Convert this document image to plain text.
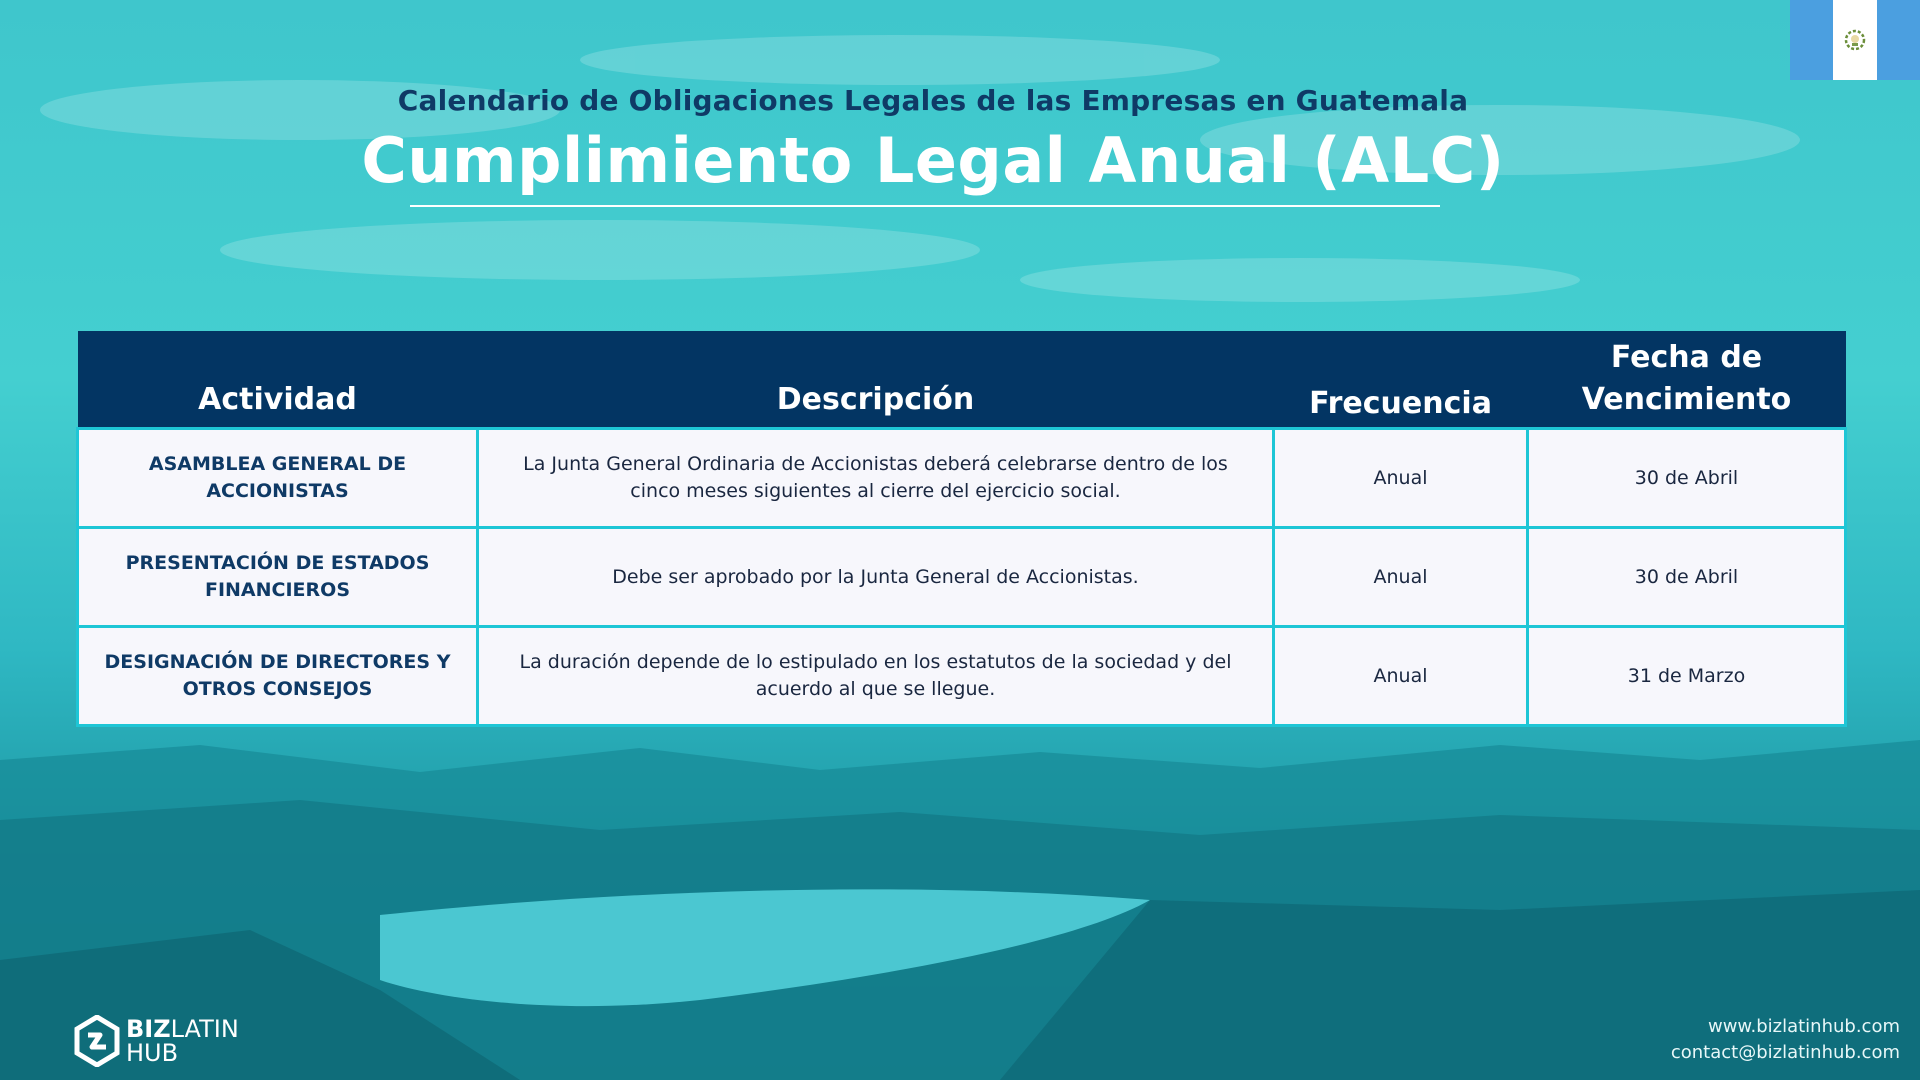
Calendario de Obligaciones Legales de las Empresas en Guatemala

Cumplimiento Legal Anual (ALC)

Actividad	Descripción	Frecuencia	Fecha de Vencimiento
ASAMBLEA GENERAL DE ACCIONISTAS	La Junta General Ordinaria de Accionistas deberá celebrarse dentro de los cinco meses siguientes al cierre del ejercicio social.	Anual	30 de Abril
PRESENTACIÓN DE ESTADOS FINANCIEROS	Debe ser aprobado por la Junta General de Accionistas.	Anual	30 de Abril
DESIGNACIÓN DE DIRECTORES Y OTROS CONSEJOS	La duración depende de lo estipulado en los estatutos de la sociedad y del acuerdo al que se llegue.	Anual	31 de Marzo
BIZLATIN
HUB
www.bizlatinhub.com
contact@bizlatinhub.com
